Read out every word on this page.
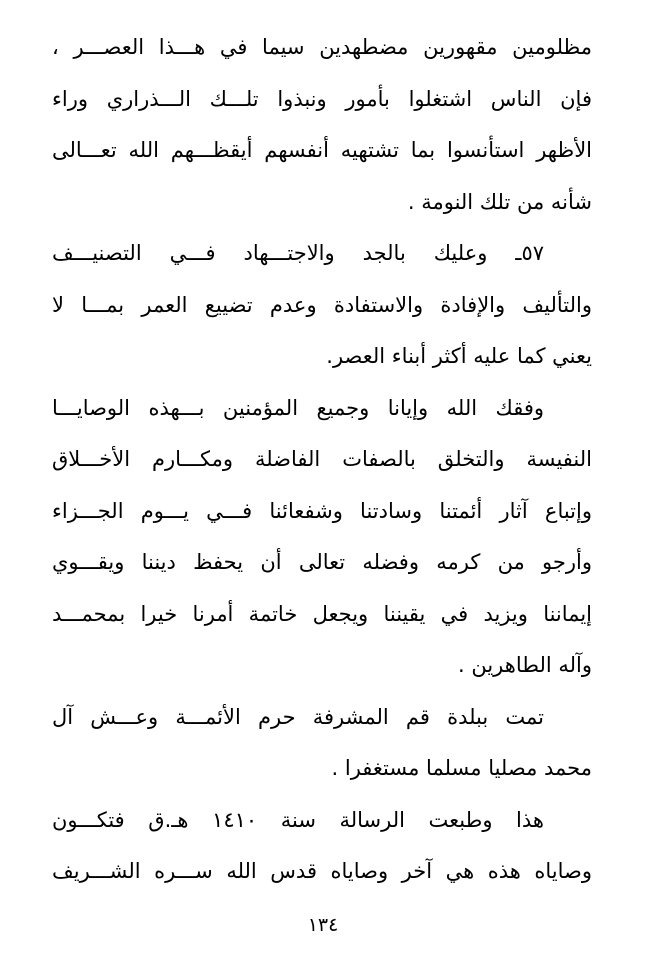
مظلومين مقهورين مضطهدين سيما في هـــذا العصـــر ،
فإن الناس اشتغلوا بأمور ونبذوا تلـــك الـــذراري وراء
الأظهر استأنسوا بما تشتهيه أنفسهم أيقظـــهم الله تعـــالى
شأنه من تلك النومة .
٥٧ـ وعليك بالجد والاجتـــهاد فـــي التصنيـــف
والتأليف والإفادة والاستفادة وعدم تضييع العمر بمـــا لا
يعني كما عليه أكثر أبناء العصر.
وفقك الله وإيانا وجميع المؤمنين بـــهذه الوصايـــا
النفيسة والتخلق بالصفات الفاضلة ومكـــارم الأخـــلاق
وإتباع آثار أئمتنا وسادتنا وشفعائنا فـــي يـــوم الجـــزاء
وأرجو من كرمه وفضله تعالى أن يحفظ ديننا ويقـــوي
إيماننا ويزيد في يقيننا ويجعل خاتمة أمرنا خيرا بمحمـــد
وآله الطاهرين .
تمت ببلدة قم المشرفة حرم الأئمـــة وعـــش آل
محمد مصليا مسلما مستغفرا .
هذا وطبعت الرسالة سنة ١٤١٠ هـ.ق فتكـــون
وصاياه هذه هي آخر وصاياه قدس الله ســـره الشـــريف
١٣٤
